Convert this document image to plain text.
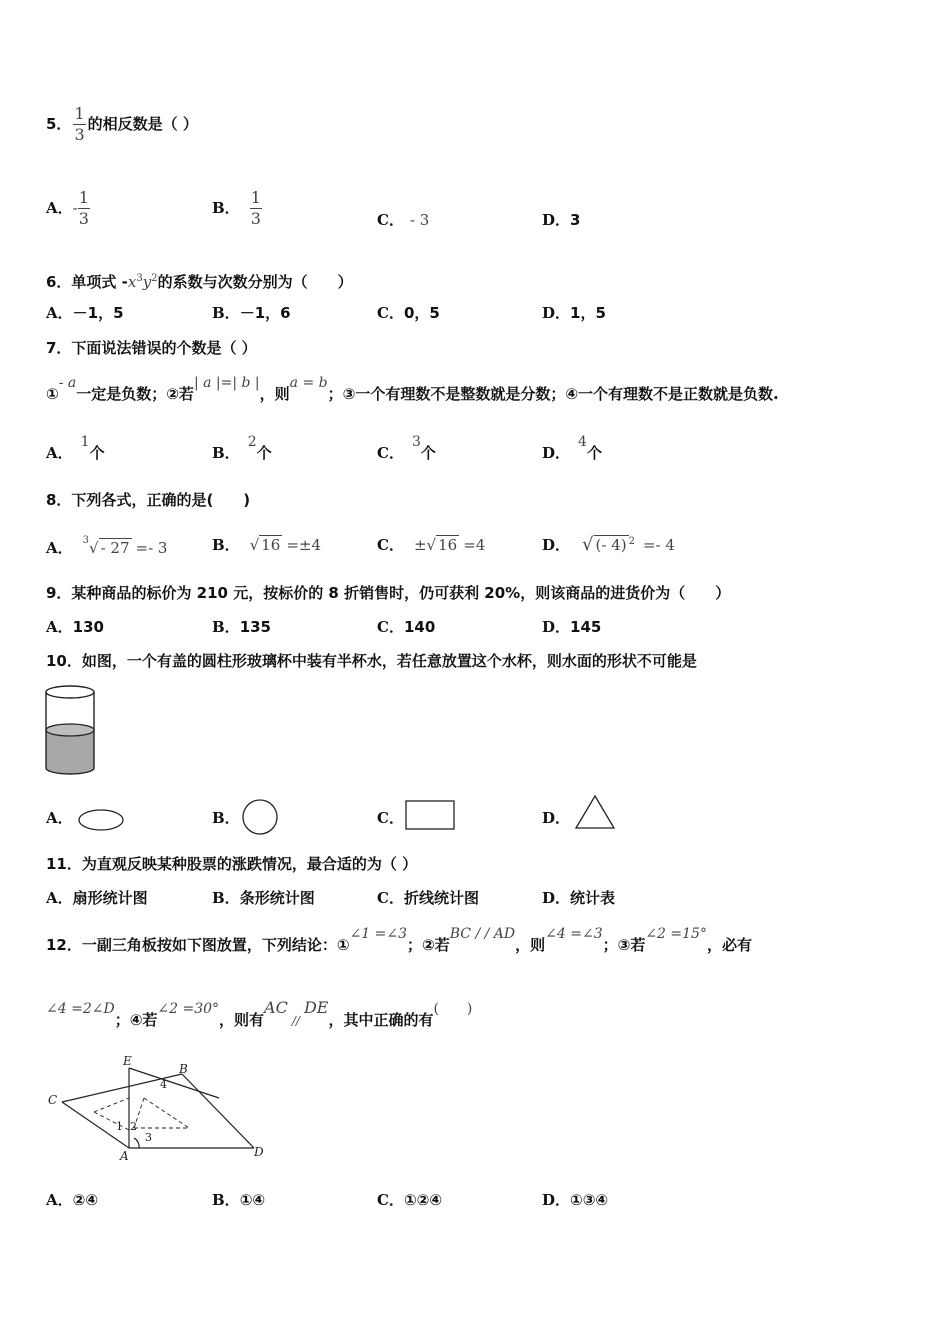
5． $\frac{1}{3}$ 的相反数是（ ）
A．- $\frac{1}{3}$	B． $\frac{1}{3}$	C． - 3	D．3
6．单项式 $-x^3y^2$的系数与次数分别为（　　）
A．－1，5	B．－1，6	C．0，5	D．1，5
7．下面说法错误的个数是（ ）
①- a一定是负数；②若| a |=| b |，则a = b；③一个有理数不是整数就是分数；④一个有理数不是正数就是负数.
A．1个	B．2个	C．3个	D．4个
8．下列各式，正确的是(　　)
A． $^3$√ - 27 =- 3	B． √ 16 =±4	C． ±√ 16 =4	D． √ (- 4) $^2$ =- 4
9．某种商品的标价为 210 元，按标价的 8 折销售时，仍可获利 20%，则该商品的进货价为（　　）
A．130	B．135	C．140	D．145
10．如图，一个有盖的圆柱形玻璃杯中装有半杯水，若任意放置这个水杯，则水面的形状不可能是
A．	B．	C．	D．
11．为直观反映某种股票的涨跌情况，最合适的为（ ）
A．扇形统计图	B．条形统计图	C．折线统计图	D．统计表
12．一副三角板按如下图放置，下列结论：①∠1 =∠3；②若BC / / AD，则∠4 =∠3；③若∠2 =15°，必有
∠4 =2∠D；④若∠2 =30°，则有AC//DE，其中正确的有(　　)
E
B
C
A	D
1 2
3
4
A．②④	B．①④	C．①②④	D．①③④
